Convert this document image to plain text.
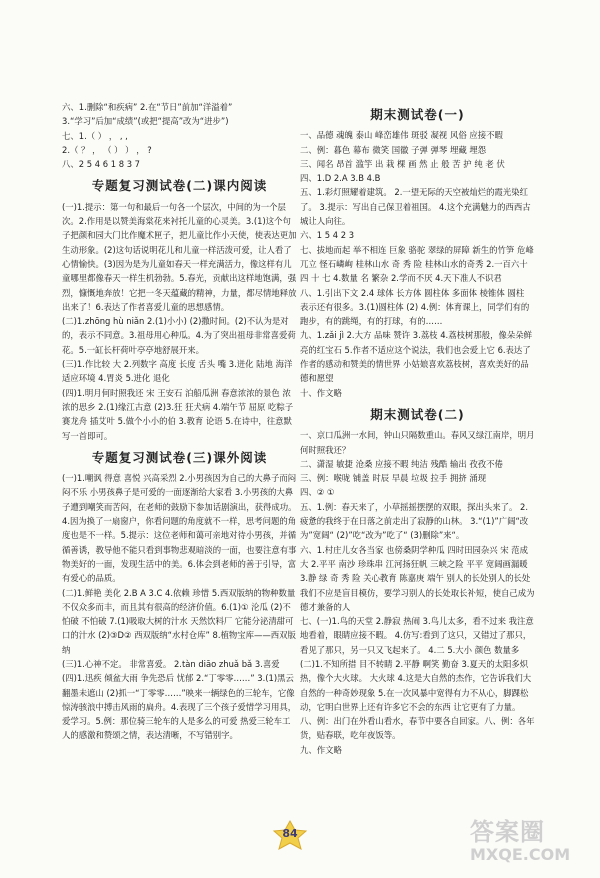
六、1.删除“和疾病” 2.在“节日”前加“洋溢着”

3.“学习”后加“成绩”(或把“提高”改为“进步”)

七、1.（ ） ， , ,

2.（ ？ ， （ ） ） ， ?

八、2 5 4 6 1 8 3 7

专题复习测试卷(二)课内阅读

(一)1.提示：第一句和最后一句各一个层次，中间的为一个层次。2.作用是以赞美海棠花来衬托儿童的心灵美。3.(1)这个句子把颜和园大门比作魔术匣子，把儿童比作小天使，使表达更加生动形象。(2)这句话说明花儿和儿童一样活泼可爱，让人看了心情愉快。(3)因为是为儿童如春天一样充满活力，像这样有儿童哪里都像春天一样生机勃勃。5.春光，贡献出这样地饱满，强烈，慷慨地奔放！它把一冬天蕴藏的精神，力量，都尽情地释放出来了！6.表达了作者喜爱儿童的思想感情。

(二)1.zhōng hù niǎn 2.(1)小小) (2)撒时间。(2)不认为是对的，表示不同意。3.祖母用心种瓜。4.为了突出祖母非常喜爱荷花。5.一缸长杆荷叶亭亭地舒展开来。

(三)1.作比较 大 2.列数字 高度 长度 舌头 嘴 3.迸化 陆地 海洋 适应环境 4.胃炎 5.进化 退化

(四)1.明月何时照我还 宋 王安石 泊船瓜洲 春意浓浓的景色 浓浓的思乡 2.(1)缘江古意 (2)3.狂 狂犬病 4.端午节 屈原 吃粽子 赛龙舟 插艾叶 5.做个小小的伯 3.教育 论语 5.在诗中，往意默写一首即可。

专题复习测试卷(三)课外阅读

(一)1.嘲讽 得意 喜悦 兴高采烈 2.小男孩因为自己的大鼻子而闷闷不乐 小男孩鼻子是可爱的一面逐渐给大家看 3.小男孩的大鼻子遭到嘲笑而苦闷，在老师的鼓励下参加话剧演出，获得成功。4.因为换了一扇窗户，你看问题的角度就不一样，思考问题的角度也是不一样。5.提示：这位老师和蔼可亲地对待小男孩，并循循善诱，教导他不能只看到事物悲观暗淡的一面，也要注意有事物美好的一面，发现生活中的美。6.体会到老师的善于引导，富有爱心的品质。

(二)1.鲜艳 美化 2.B A 3.C 4.依赖 珍惜 5.西双版纳的物种数量不仅众多而丰，而且其有很高的经济价值。6.(1)① 沦瓜 (2)不怕破 不怕破 7.(1)吸取大树的汁水 天然饮料厂 它能分泌清甜可口的汁水 (2)③D② 西双版纳“水村仓库” 8.植物宝库——西双版纳

(三)1.心神不定。 非常喜爱。 2.tàn diāo zhuǎ bǎ 3.喜爱

(四)1.迅疾 倾盆大雨 争先恐后 忧郁 2.“丁零零……” 3.(1)黑云翻墨未遮山 (2)抓一“丁零零……”映来一辆绿色的三轮车，它像惊涛骇浪中搏击风雨的扁舟。4.表现了三个孩子爱惜学习用具，爱学习。5.例：那位骑三轮车的人是多么的可爱 热爱三轮车工人的感激和赞颂之情，表达清晰，不写错别字。

期末测试卷(一)

一、品德 魂魄 泰山 峰峦雄伟 斑驳 凝视 风俗 应接不暇

二、例：暮色 幕布 微笑 国徽 子弹 弹琴 埋藏 埋怨

三、闻名 昂首 滥竽 出 栽 棵 画 然 止 般 苦 护 纯 老 伏

四、1.D 2.A 3.B 4.B

五、1.彩灯照耀着建筑。 2.一望无际的天空被灿烂的霞光染红了。 3.提示：写出自己保卫着祖国。 4.这个充满魅力的西西古城让人向往。

六、1 5 4 2 3

七、拔地而起 举不相连 巨象 骆驼 翠绿的屏障 新生的竹笋 危峰兀立 怪石嶙峋 桂林山水 奇 秀 险 桂林山水的奇秀 2.一百六十四 十 七 4.数量 名 繁杂 2.学而不厌 4.天下准人不识君

八、1.引出下文 2.4 球体 长方体 圆柱体 多面体 棱锥体 圆柱 表示还有很多。3.(1)圆柱体 (2) 4.例：体育课上，同学们有的跑步，有的跳绳，有的打球，有的……

九、1.zǎi jì 2.大方 品味 赞许 3.荔枝 4.荔枝树那般，像朵朵鲜亮的红宝石 5.作者不适应这个说法，我们也会爱上它 6.表达了作者的感动和赞美的情世界 小姑娘喜欢荔枝树，喜欢美好的品德和愿望

十、作文略

期末测试卷(二)

一、京口瓜洲一水间，钟山只隔数重山。春风又绿江南岸，明月何时照我还？

二、潇湿 敏捷 沧桑 应接不暇 纯洁 残酷 输出 孜孜不倦

三、例：喉咙 铺盖 时辰 早晨 垃圾 拉手 拥挤 涌现

四、② ①

五、1.例：春天来了，小草摇摇摆摆的双眼，探出头来了。 2.疲惫的我终于在日落之前走出了寂静的山林。 3.“(1)”广阔“改为”宽阔“ (2)”吃“改为”吃了“ (3)删除”来“。

六、1.村庄儿女各当家 也傍桑阴学种瓜 四时田园杂兴 宋 范成大 2.平平 南沙 珍珠串 江河扬狂帆 三峡之险 平平 宽阔画漏暖 3.静 绿 奇 秀 险 关心教育 陈嘉庚 端午 别人的长处别人的长处 我们不应是盲目模仿，要学习别人的长处取长补短，使自己成为德才兼备的人

七、(一)1.鸟的天堂 2.静寂 热闹 3.鸟儿太多，看不过来 我注意地看着，眼睛应接不暇。 4.仿写:看到了这只，又错过了那只，看见了那只，另一只又飞起来了。 4.二 5.大小 颜色 数量多 (二)1.不知所措 目不转睛 2.平静 啊笑 勤奋 3.夏天的太阳多炽热，像个大火球。 大火球 4.这是大自然的杰作，它告诉我们大自然的一种奇妙现象 5.在一次风暴中宽得有力不从心，脚踝松动，它明白世界上还有许多它不会的东西 让它更有了力量。

八、例：出门在外看山看水，春节中要各自回家。八、例：各年货，贴春联，吃年夜饭等。

九、作文略

84	答案圈
MXQE.COM
